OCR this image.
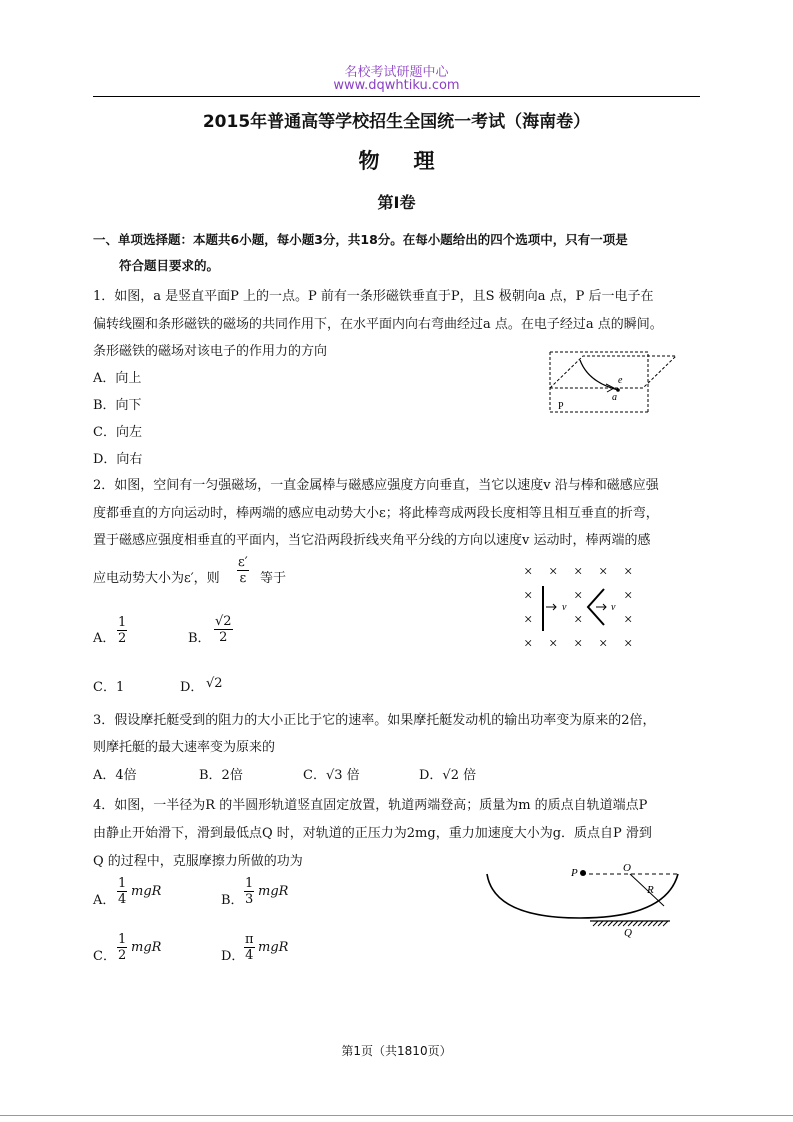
名校考试研题中心
www.dqwhtiku.com
2015年普通高等学校招生全国统一考试（海南卷）
物理
第I卷
一、单项选择题：本题共6小题，每小题3分，共18分。在每小题给出的四个选项中，只有一项是
符合题目要求的。
1．如图，a 是竖直平面P 上的一点。P 前有一条形磁铁垂直于P，且S 极朝向a 点，P 后一电子在
偏转线圈和条形磁铁的磁场的共同作用下，在水平面内向右弯曲经过a 点。在电子经过a 点的瞬间。
条形磁铁的磁场对该电子的作用力的方向
A．向上
B．向下
C．向左
D．向右
e
a
P
2．如图，空间有一匀强磁场，一直金属棒与磁感应强度方向垂直，当它以速度v 沿与棒和磁感应强
度都垂直的方向运动时，棒两端的感应电动势大小ε；将此棒弯成两段长度相等且相互垂直的折弯，
置于磁感应强度相垂直的平面内，当它沿两段折线夹角平分线的方向以速度v 运动时，棒两端的感
应电动势大小为ε′，则 $\frac{\varepsilon'}{\varepsilon}$ 等于
A． $\frac{1}{2}$	B． $\frac{√2}{2}$
C．1	D． √2
× × × × ×
×	×	×
×	×	×
× × × × ×
v	v
3．假设摩托艇受到的阻力的大小正比于它的速率。如果摩托艇发动机的输出功率变为原来的2倍，
则摩托艇的最大速率变为原来的
A．4倍	B．2倍	C．√3 倍	D．√2 倍
4．如图，一半径为R 的半圆形轨道竖直固定放置，轨道两端登高；质量为m 的质点自轨道端点P
由静止开始滑下，滑到最低点Q 时，对轨道的正压力为2mg，重力加速度大小为g．质点自P 滑到
Q 的过程中，克服摩擦力所做的功为
A． $\frac{1}{4}$ mgR
B． $\frac{1}{3}$ mgR
C． $\frac{1}{2}$ mgR
D． $\frac{\pi}{4}$ mgR
P	O
R
Q
第1页（共1810页）
